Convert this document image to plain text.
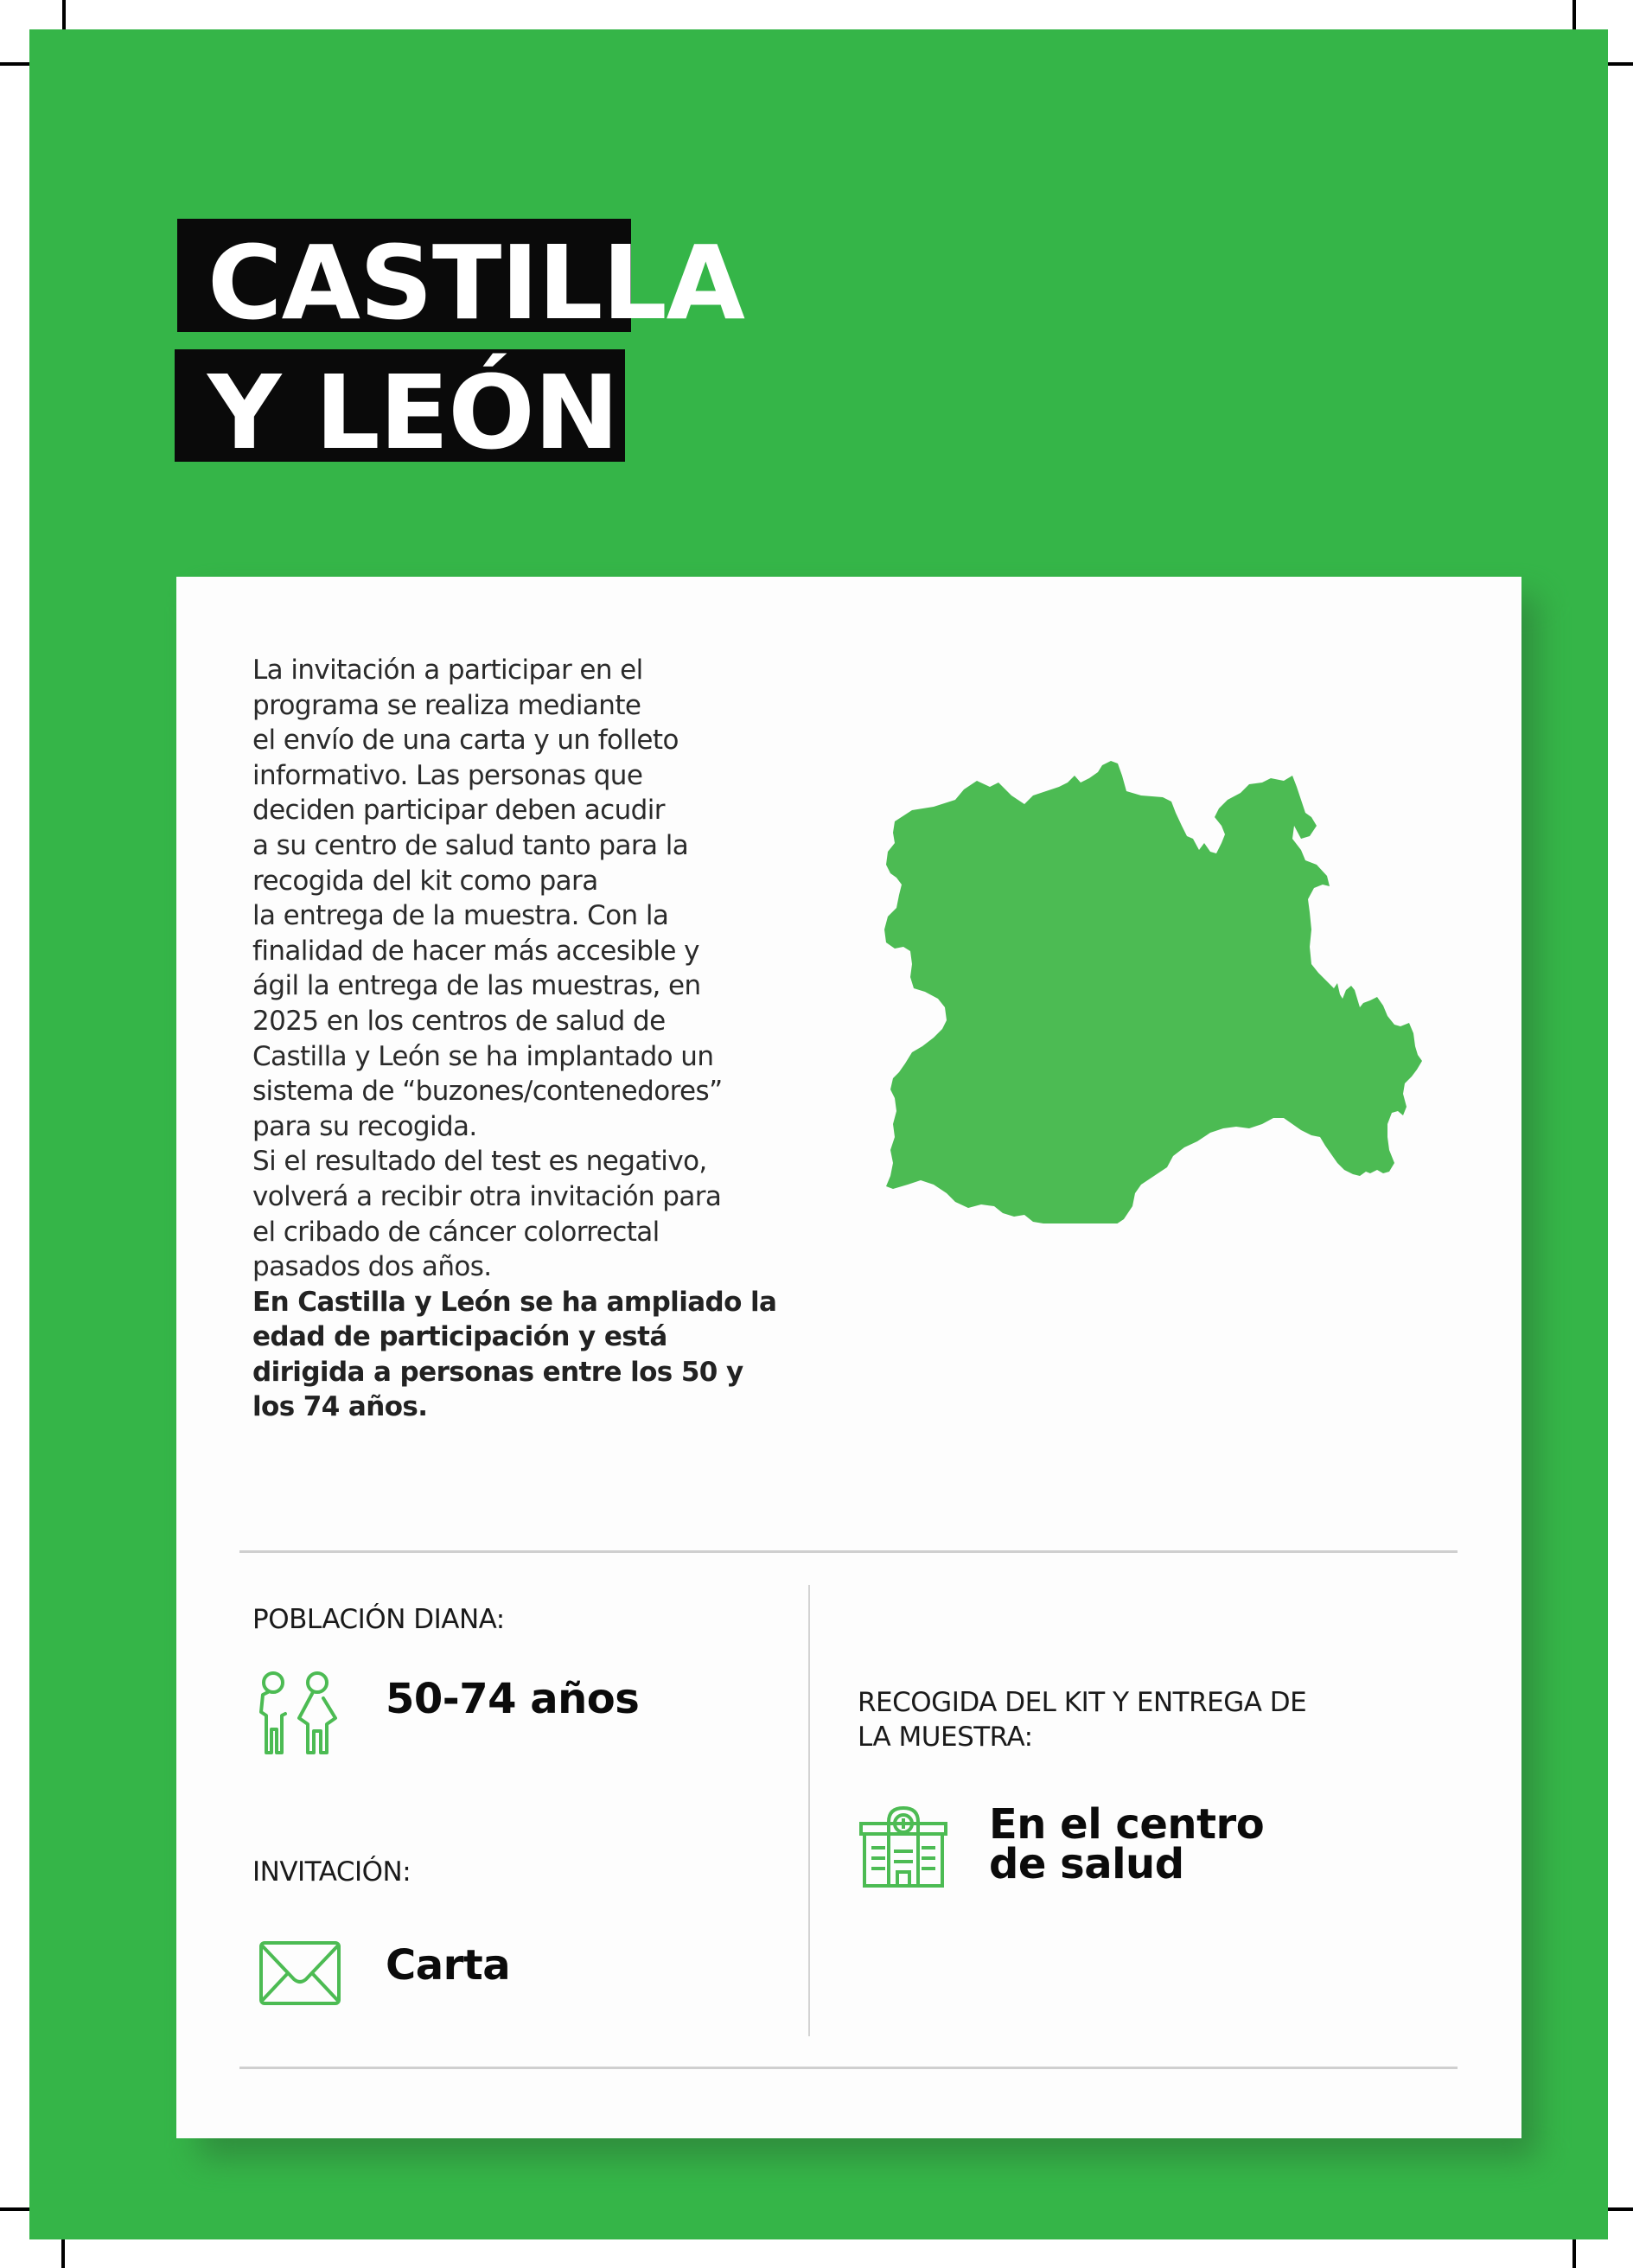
CASTILLA
Y LEÓN
La invitación a participar en el
programa se realiza mediante
el envío de una carta y un folleto
informativo. Las personas que
deciden participar deben acudir
a su centro de salud tanto para la
recogida del kit como para
la entrega de la muestra. Con la
finalidad de hacer más accesible y
ágil la entrega de las muestras, en
2025 en los centros de salud de
Castilla y León se ha implantado un
sistema de “buzones/contenedores”
para su recogida.
Si el resultado del test es negativo,
volverá a recibir otra invitación para
el cribado de cáncer colorrectal
pasados dos años.
En Castilla y León se ha ampliado la
edad de participación y está
dirigida a personas entre los 50 y
los 74 años.
POBLACIÓN DIANA:
50-74 años
INVITACIÓN:
Carta
RECOGIDA DEL KIT Y ENTREGA DE
LA MUESTRA:
En el centro
de salud
